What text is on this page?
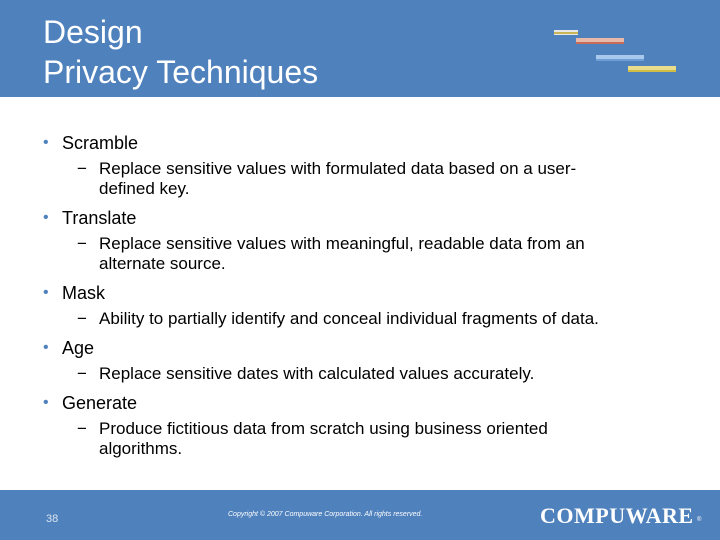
Design
Privacy Techniques
• Scramble
− Replace sensitive values with formulated data based on a user-
defined key.
• Translate
− Replace sensitive values with meaningful, readable data from an
alternate source.
• Mask
− Ability to partially identify and conceal individual fragments of data.
• Age
− Replace sensitive dates with calculated values accurately.
• Generate
− Produce fictitious data from scratch using business oriented
algorithms.
38	Copyright © 2007 Compuware Corporation. All rights reserved.	COMPUWARE ®
